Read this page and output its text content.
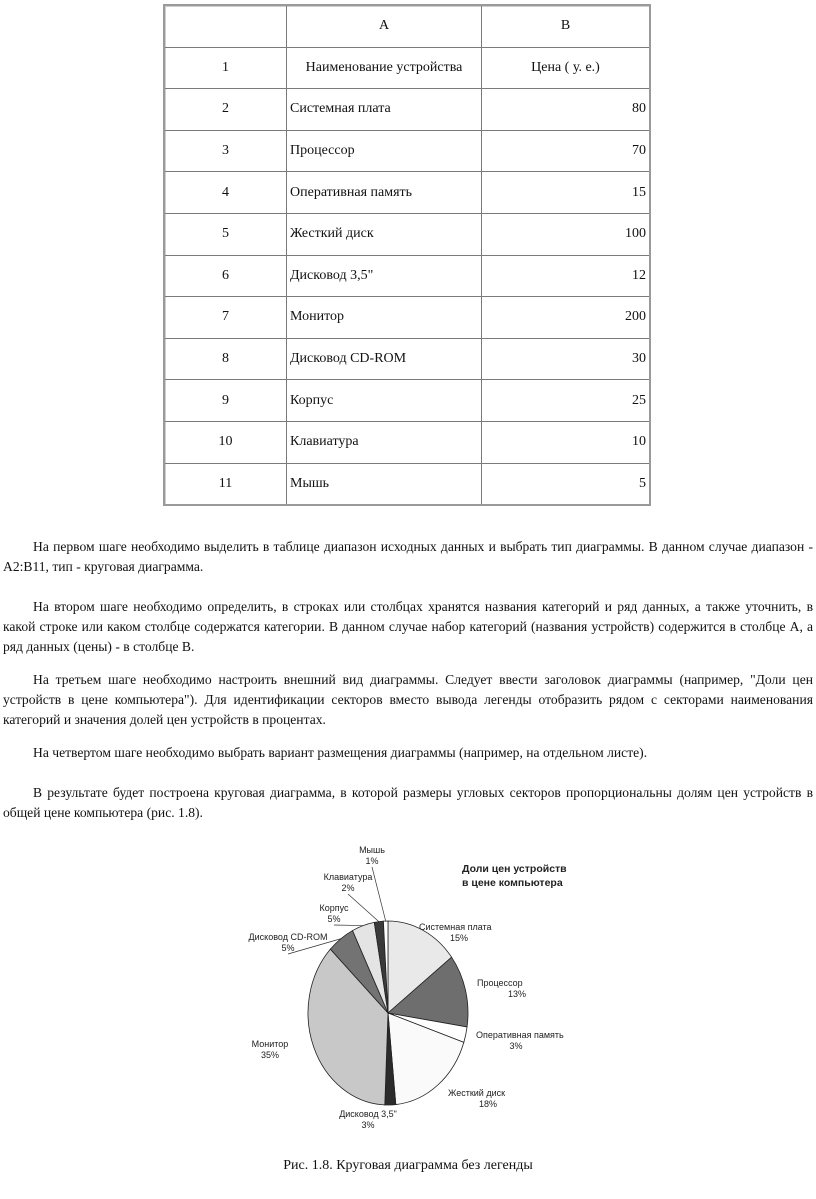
	A	B
1	Наименование устройства	Цена ( у. е.)
2	Системная плата	80
3	Процессор	70
4	Оперативная память	15
5	Жесткий диск	100
6	Дисковод 3,5"	12
7	Монитор	200
8	Дисковод CD-ROM	30
9	Корпус	25
10	Клавиатура	10
11	Мышь	5

На первом шаге необходимо выделить в таблице диапазон исходных данных и выбрать тип диаграммы. В данном случае диапазон - A2:B11, тип - круговая диаграмма.

На втором шаге необходимо определить, в строках или столбцах хранятся названия категорий и ряд данных, а также уточнить, в какой строке или каком столбце содержатся категории. В данном случае набор категорий (названия устройств) содержится в столбце А, а ряд данных (цены) - в столбце В.

На третьем шаге необходимо настроить внешний вид диаграммы. Следует ввести заголовок диаграммы (например, "Доли цен устройств в цене компьютера"). Для идентификации секторов вместо вывода легенды отобразить рядом с секторами наименования категорий и значения долей цен устройств в процентах.

На четвертом шаге необходимо выбрать вариант размещения диаграммы (например, на отдельном листе).

В результате будет построена круговая диаграмма, в которой размеры угловых секторов пропорциональны долям цен устройств в общей цене компьютера (рис. 1.8).

Доли цен устройств
в цене компьютера
Системная плата
15%
Процессор
13%
Оперативная память
3%
Жесткий диск
18%
Дисковод 3,5"
3%
Монитор
35%
Дисковод CD-ROM
5%
Корпус
5%
Клавиатура
2%
Мышь
1%

Рис. 1.8. Круговая диаграмма без легенды
